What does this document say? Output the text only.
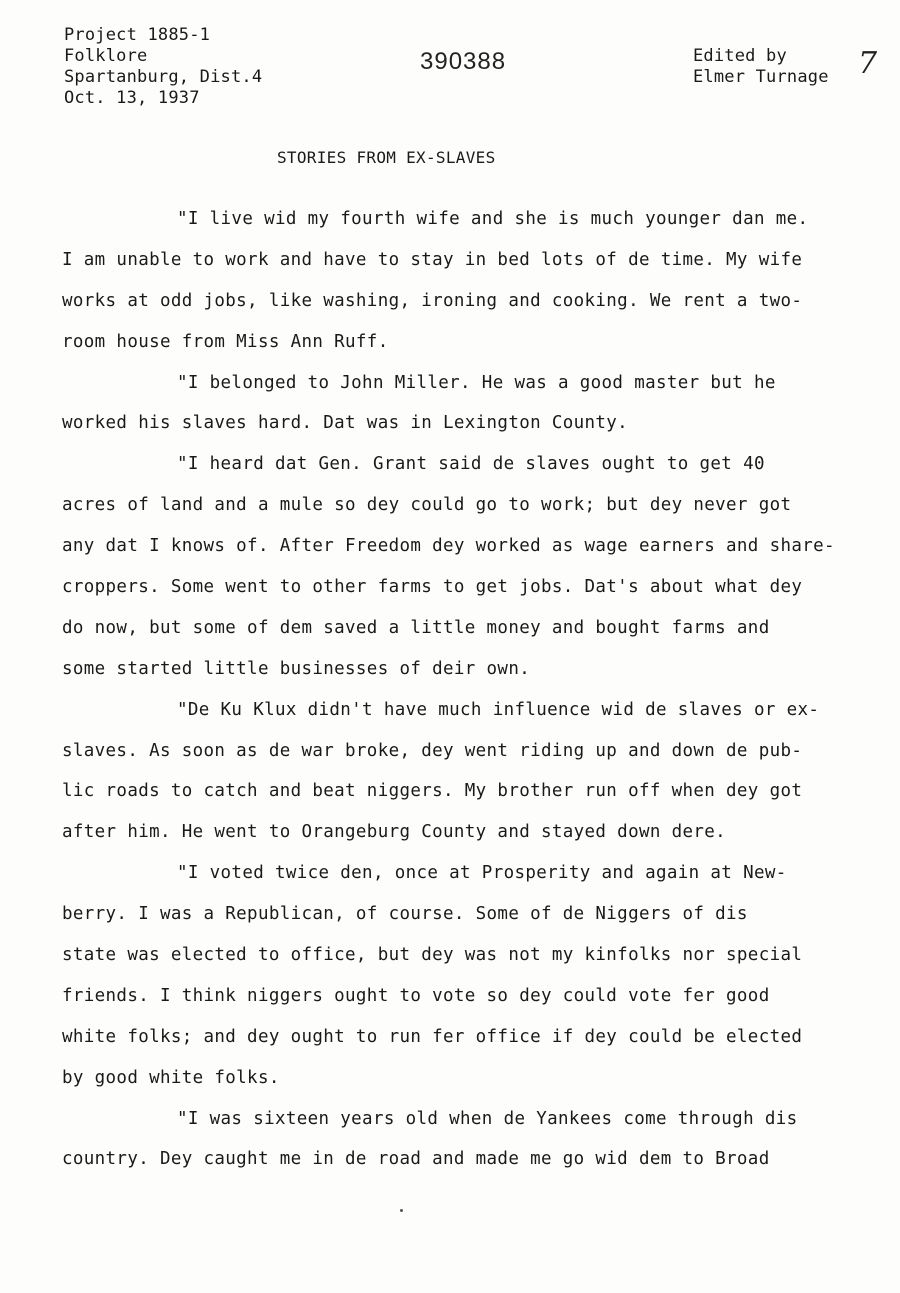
Project 1885-1
Folklore
Spartanburg, Dist.4
Oct. 13, 1937
390388	Edited by
Elmer Turnage 7
STORIES FROM EX-SLAVES
"I live wid my fourth wife and she is much younger dan me.
I am unable to work and have to stay in bed lots of de time. My wife
works at odd jobs, like washing, ironing and cooking. We rent a two-
room house from Miss Ann Ruff.
"I belonged to John Miller. He was a good master but he
worked his slaves hard. Dat was in Lexington County.
"I heard dat Gen. Grant said de slaves ought to get 40
acres of land and a mule so dey could go to work; but dey never got
any dat I knows of. After Freedom dey worked as wage earners and share-
croppers. Some went to other farms to get jobs. Dat's about what dey
do now, but some of dem saved a little money and bought farms and
some started little businesses of deir own.
"De Ku Klux didn't have much influence wid de slaves or ex-
slaves. As soon as de war broke, dey went riding up and down de pub-
lic roads to catch and beat niggers. My brother run off when dey got
after him. He went to Orangeburg County and stayed down dere.
"I voted twice den, once at Prosperity and again at New-
berry. I was a Republican, of course. Some of de Niggers of dis
state was elected to office, but dey was not my kinfolks nor special
friends. I think niggers ought to vote so dey could vote fer good
white folks; and dey ought to run fer office if dey could be elected
by good white folks.
"I was sixteen years old when de Yankees come through dis
country. Dey caught me in de road and made me go wid dem to Broad
